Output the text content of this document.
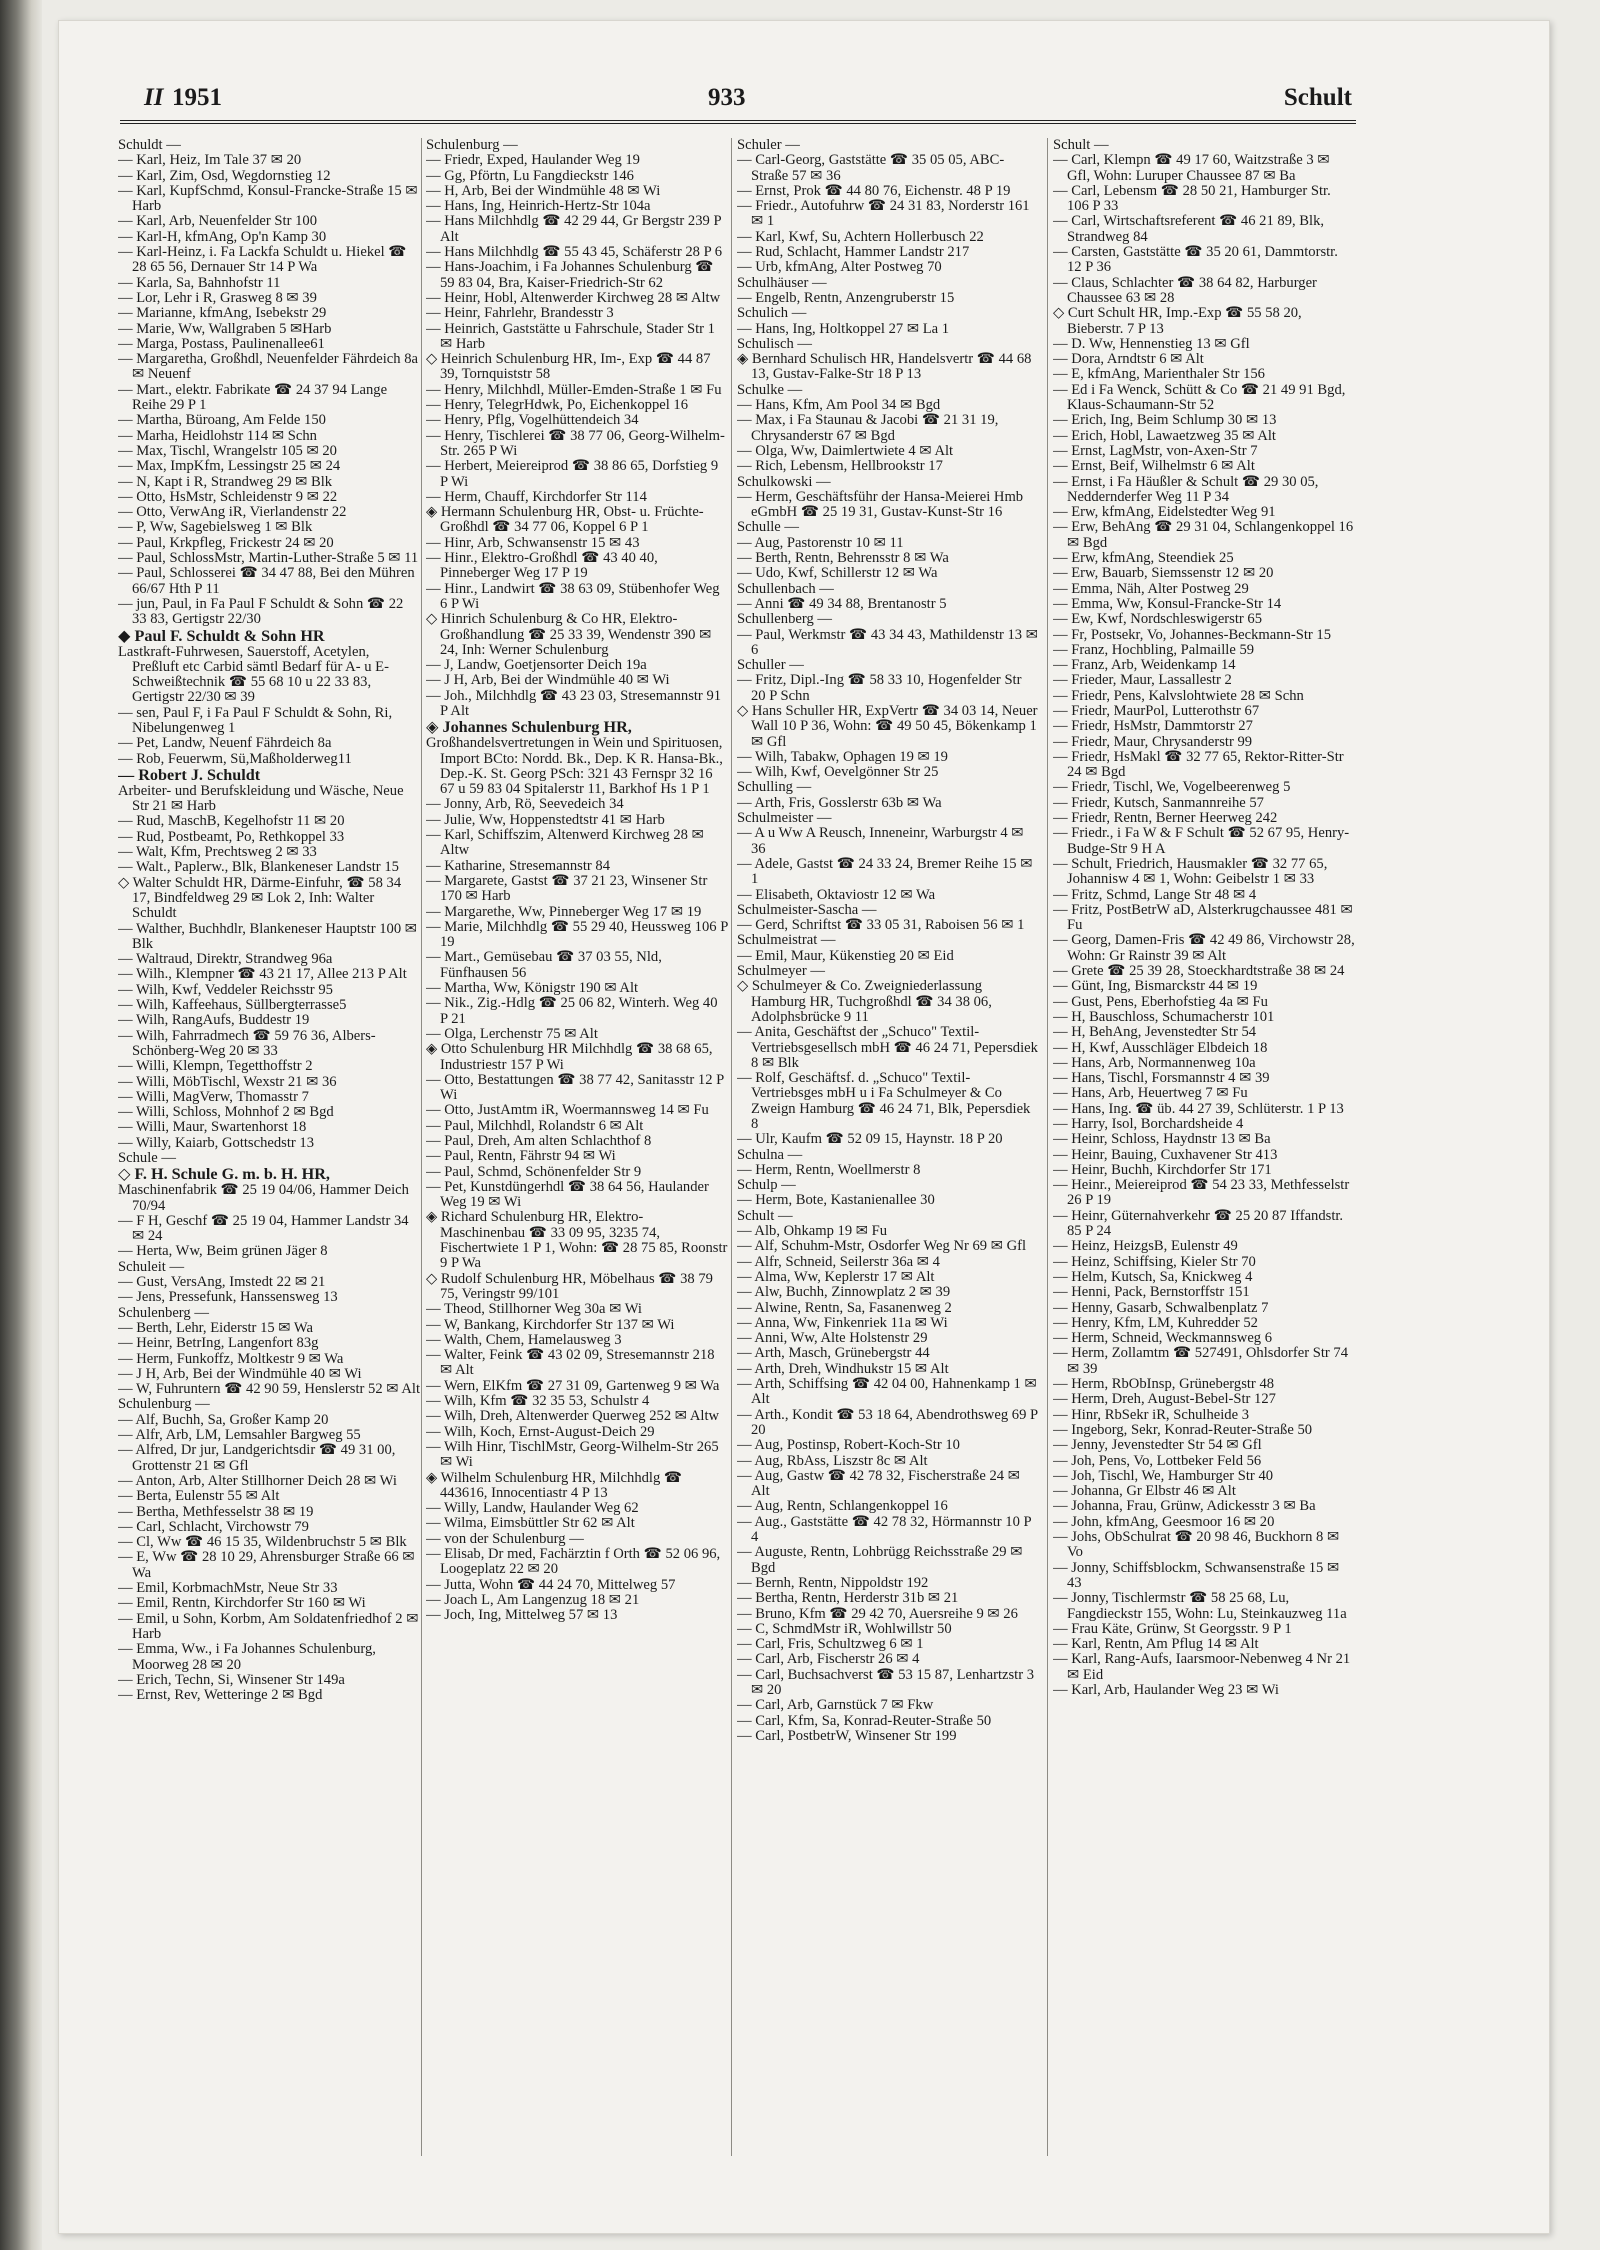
II 1951	933	Schult

Schuldt —

— Karl, Heiz, Im Tale 37 ✉ 20

— Karl, Zim, Osd, Wegdornstieg 12

— Karl, KupfSchmd, Konsul-Francke-Straße 15 ✉ Harb

— Karl, Arb, Neuenfelder Str 100

— Karl-H, kfmAng, Op'n Kamp 30

— Karl-Heinz, i. Fa Lackfa Schuldt u. Hiekel ☎ 28 65 56, Dernauer Str 14 P Wa

— Karla, Sa, Bahnhofstr 11

— Lor, Lehr i R, Grasweg 8 ✉ 39

— Marianne, kfmAng, Isebekstr 29

— Marie, Ww, Wallgraben 5 ✉Harb

— Marga, Postass, Paulinenallee61

— Margaretha, Großhdl, Neuenfelder Fährdeich 8a ✉ Neuenf

— Mart., elektr. Fabrikate ☎ 24 37 94 Lange Reihe 29 P 1

— Martha, Büroang, Am Felde 150

— Marha, Heidlohstr 114 ✉ Schn

— Max, Tischl, Wrangelstr 105 ✉ 20

— Max, ImpKfm, Lessingstr 25 ✉ 24

— N, Kapt i R, Strandweg 29 ✉ Blk

— Otto, HsMstr, Schleidenstr 9 ✉ 22

— Otto, VerwAng iR, Vierlandenstr 22

— P, Ww, Sagebielsweg 1 ✉ Blk

— Paul, Krkpfleg, Frickestr 24 ✉ 20

— Paul, SchlossMstr, Martin-Luther-Straße 5 ✉ 11

— Paul, Schlosserei ☎ 34 47 88, Bei den Mühren 66/67 Hth P 11

— jun, Paul, in Fa Paul F Schuldt & Sohn ☎ 22 33 83, Gertigstr 22/30

◆ Paul F. Schuldt & Sohn HR

Lastkraft-Fuhrwesen, Sauerstoff, Acetylen, Preßluft etc Carbid sämtl Bedarf für A- u E-Schweißtechnik ☎ 55 68 10 u 22 33 83, Gertigstr 22/30 ✉ 39

— sen, Paul F, i Fa Paul F Schuldt & Sohn, Ri, Nibelungenweg 1

— Pet, Landw, Neuenf Fährdeich 8a

— Rob, Feuerwm, Sü,Maßholderweg11

— Robert J. Schuldt

Arbeiter- und Berufskleidung und Wäsche, Neue Str 21 ✉ Harb

— Rud, MaschB, Kegelhofstr 11 ✉ 20

— Rud, Postbeamt, Po, Rethkoppel 33

— Walt, Kfm, Prechtsweg 2 ✉ 33

— Walt., Paplerw., Blk, Blankeneser Landstr 15

◇ Walter Schuldt HR, Därme-Einfuhr, ☎ 58 34 17, Bindfeldweg 29 ✉ Lok 2, Inh: Walter Schuldt

— Walther, Buchhdlr, Blankeneser Hauptstr 100 ✉ Blk

— Waltraud, Direktr, Strandweg 96a

— Wilh., Klempner ☎ 43 21 17, Allee 213 P Alt

— Wilh, Kwf, Veddeler Reichsstr 95

— Wilh, Kaffeehaus, Süllbergterrasse5

— Wilh, RangAufs, Buddestr 19

— Wilh, Fahrradmech ☎ 59 76 36, Albers-Schönberg-Weg 20 ✉ 33

— Willi, Klempn, Tegetthoffstr 2

— Willi, MöbTischl, Wexstr 21 ✉ 36

— Willi, MagVerw, Thomasstr 7

— Willi, Schloss, Mohnhof 2 ✉ Bgd

— Willi, Maur, Swartenhorst 18

— Willy, Kaiarb, Gottschedstr 13

Schule —

◇ F. H. Schule G. m. b. H. HR,

Maschinenfabrik ☎ 25 19 04/06, Hammer Deich 70/94

— F H, Geschf ☎ 25 19 04, Hammer Landstr 34 ✉ 24

— Herta, Ww, Beim grünen Jäger 8

Schuleit —

— Gust, VersAng, Imstedt 22 ✉ 21

— Jens, Pressefunk, Hanssensweg 13

Schulenberg —

— Berth, Lehr, Eiderstr 15 ✉ Wa

— Heinr, BetrIng, Langenfort 83g

— Herm, Funkoffz, Moltkestr 9 ✉ Wa

— J H, Arb, Bei der Windmühle 40 ✉ Wi

— W, Fuhruntern ☎ 42 90 59, Henslerstr 52 ✉ Alt

Schulenburg —

— Alf, Buchh, Sa, Großer Kamp 20

— Alfr, Arb, LM, Lemsahler Bargweg 55

— Alfred, Dr jur, Landgerichtsdir ☎ 49 31 00, Grottenstr 21 ✉ Gfl

— Anton, Arb, Alter Stillhorner Deich 28 ✉ Wi

— Berta, Eulenstr 55 ✉ Alt

— Bertha, Methfesselstr 38 ✉ 19

— Carl, Schlacht, Virchowstr 79

— Cl, Ww ☎ 46 15 35, Wildenbruchstr 5 ✉ Blk

— E, Ww ☎ 28 10 29, Ahrensburger Straße 66 ✉ Wa

— Emil, KorbmachMstr, Neue Str 33

— Emil, Rentn, Kirchdorfer Str 160 ✉ Wi

— Emil, u Sohn, Korbm, Am Soldatenfriedhof 2 ✉ Harb

— Emma, Ww., i Fa Johannes Schulenburg, Moorweg 28 ✉ 20

— Erich, Techn, Si, Winsener Str 149a

— Ernst, Rev, Wetteringe 2 ✉ Bgd

Schulenburg —

— Friedr, Exped, Haulander Weg 19

— Gg, Pförtn, Lu Fangdieckstr 146

— H, Arb, Bei der Windmühle 48 ✉ Wi

— Hans, Ing, Heinrich-Hertz-Str 104a

— Hans Milchhdlg ☎ 42 29 44, Gr Bergstr 239 P Alt

— Hans Milchhdlg ☎ 55 43 45, Schäferstr 28 P 6

— Hans-Joachim, i Fa Johannes Schulenburg ☎ 59 83 04, Bra, Kaiser-Friedrich-Str 62

— Heinr, Hobl, Altenwerder Kirchweg 28 ✉ Altw

— Heinr, Fahrlehr, Brandesstr 3

— Heinrich, Gaststätte u Fahrschule, Stader Str 1 ✉ Harb

◇ Heinrich Schulenburg HR, Im-, Exp ☎ 44 87 39, Tornquiststr 58

— Henry, Milchhdl, Müller-Emden-Straße 1 ✉ Fu

— Henry, TelegrHdwk, Po, Eichenkoppel 16

— Henry, Pflg, Vogelhüttendeich 34

— Henry, Tischlerei ☎ 38 77 06, Georg-Wilhelm-Str. 265 P Wi

— Herbert, Meiereiprod ☎ 38 86 65, Dorfstieg 9 P Wi

— Herm, Chauff, Kirchdorfer Str 114

◈ Hermann Schulenburg HR, Obst- u. Früchte-Großhdl ☎ 34 77 06, Koppel 6 P 1

— Hinr, Arb, Schwansenstr 15 ✉ 43

— Hinr., Elektro-Großhdl ☎ 43 40 40, Pinneberger Weg 17 P 19

— Hinr., Landwirt ☎ 38 63 09, Stübenhofer Weg 6 P Wi

◇ Hinrich Schulenburg & Co HR, Elektro-Großhandlung ☎ 25 33 39, Wendenstr 390 ✉ 24, Inh: Werner Schulenburg

— J, Landw, Goetjensorter Deich 19a

— J H, Arb, Bei der Windmühle 40 ✉ Wi

— Joh., Milchhdlg ☎ 43 23 03, Stresemannstr 91 P Alt

◈ Johannes Schulenburg HR,

Großhandelsvertretungen in Wein und Spirituosen, Import BCto: Nordd. Bk., Dep. K R. Hansa-Bk., Dep.-K. St. Georg PSch: 321 43 Fernspr 32 16 67 u 59 83 04 Spitalerstr 11, Barkhof Hs 1 P 1

— Jonny, Arb, Rö, Seevedeich 34

— Julie, Ww, Hoppenstedtstr 41 ✉ Harb

— Karl, Schiffszim, Altenwerd Kirchweg 28 ✉ Altw

— Katharine, Stresemannstr 84

— Margarete, Gastst ☎ 37 21 23, Winsener Str 170 ✉ Harb

— Margarethe, Ww, Pinneberger Weg 17 ✉ 19

— Marie, Milchhdlg ☎ 55 29 40, Heussweg 106 P 19

— Mart., Gemüsebau ☎ 37 03 55, Nld, Fünfhausen 56

— Martha, Ww, Königstr 190 ✉ Alt

— Nik., Zig.-Hdlg ☎ 25 06 82, Winterh. Weg 40 P 21

— Olga, Lerchenstr 75 ✉ Alt

◈ Otto Schulenburg HR Milchhdlg ☎ 38 68 65, Industriestr 157 P Wi

— Otto, Bestattungen ☎ 38 77 42, Sanitasstr 12 P Wi

— Otto, JustAmtm iR, Woermannsweg 14 ✉ Fu

— Paul, Milchhdl, Rolandstr 6 ✉ Alt

— Paul, Dreh, Am alten Schlachthof 8

— Paul, Rentn, Fährstr 94 ✉ Wi

— Paul, Schmd, Schönenfelder Str 9

— Pet, Kunstdüngerhdl ☎ 38 64 56, Haulander Weg 19 ✉ Wi

◈ Richard Schulenburg HR, Elektro-Maschinenbau ☎ 33 09 95, 3235 74, Fischertwiete 1 P 1, Wohn: ☎ 28 75 85, Roonstr 9 P Wa

◇ Rudolf Schulenburg HR, Möbelhaus ☎ 38 79 75, Veringstr 99/101

— Theod, Stillhorner Weg 30a ✉ Wi

— W, Bankang, Kirchdorfer Str 137 ✉ Wi

— Walth, Chem, Hamelausweg 3

— Walter, Feink ☎ 43 02 09, Stresemannstr 218 ✉ Alt

— Wern, ElKfm ☎ 27 31 09, Gartenweg 9 ✉ Wa

— Wilh, Kfm ☎ 32 35 53, Schulstr 4

— Wilh, Dreh, Altenwerder Querweg 252 ✉ Altw

— Wilh, Koch, Ernst-August-Deich 29

— Wilh Hinr, TischlMstr, Georg-Wilhelm-Str 265 ✉ Wi

◈ Wilhelm Schulenburg HR, Milchhdlg ☎ 443616, Innocentiastr 4 P 13

— Willy, Landw, Haulander Weg 62

— Wilma, Eimsbüttler Str 62 ✉ Alt

— von der Schulenburg —

— Elisab, Dr med, Fachärztin f Orth ☎ 52 06 96, Loogeplatz 22 ✉ 20

— Jutta, Wohn ☎ 44 24 70, Mittelweg 57

— Joach L, Am Langenzug 18 ✉ 21

— Joch, Ing, Mittelweg 57 ✉ 13

Schuler —

— Carl-Georg, Gaststätte ☎ 35 05 05, ABC-Straße 57 ✉ 36

— Ernst, Prok ☎ 44 80 76, Eichenstr. 48 P 19

— Friedr., Autofuhrw ☎ 24 31 83, Norderstr 161 ✉ 1

— Karl, Kwf, Su, Achtern Hollerbusch 22

— Rud, Schlacht, Hammer Landstr 217

— Urb, kfmAng, Alter Postweg 70

Schulhäuser —

— Engelb, Rentn, Anzengruberstr 15

Schulich —

— Hans, Ing, Holtkoppel 27 ✉ La 1

Schulisch —

◈ Bernhard Schulisch HR, Handelsvertr ☎ 44 68 13, Gustav-Falke-Str 18 P 13

Schulke —

— Hans, Kfm, Am Pool 34 ✉ Bgd

— Max, i Fa Staunau & Jacobi ☎ 21 31 19, Chrysanderstr 67 ✉ Bgd

— Olga, Ww, Daimlertwiete 4 ✉ Alt

— Rich, Lebensm, Hellbrookstr 17

Schulkowski —

— Herm, Geschäftsführ der Hansa-Meierei Hmb eGmbH ☎ 25 19 31, Gustav-Kunst-Str 16

Schulle —

— Aug, Pastorenstr 10 ✉ 11

— Berth, Rentn, Behrensstr 8 ✉ Wa

— Udo, Kwf, Schillerstr 12 ✉ Wa

Schullenbach —

— Anni ☎ 49 34 88, Brentanostr 5

Schullenberg —

— Paul, Werkmstr ☎ 43 34 43, Mathildenstr 13 ✉ 6

Schuller —

— Fritz, Dipl.-Ing ☎ 58 33 10, Hogenfelder Str 20 P Schn

◇ Hans Schuller HR, ExpVertr ☎ 34 03 14, Neuer Wall 10 P 36, Wohn: ☎ 49 50 45, Bökenkamp 1 ✉ Gfl

— Wilh, Tabakw, Ophagen 19 ✉ 19

— Wilh, Kwf, Oevelgönner Str 25

Schulling —

— Arth, Fris, Gosslerstr 63b ✉ Wa

Schulmeister —

— A u Ww A Reusch, Inneneinr, Warburgstr 4 ✉ 36

— Adele, Gastst ☎ 24 33 24, Bremer Reihe 15 ✉ 1

— Elisabeth, Oktaviostr 12 ✉ Wa

Schulmeister-Sascha —

— Gerd, Schriftst ☎ 33 05 31, Raboisen 56 ✉ 1

Schulmeistrat —

— Emil, Maur, Kükenstieg 20 ✉ Eid

Schulmeyer —

◇ Schulmeyer & Co. Zweigniederlassung Hamburg HR, Tuchgroßhdl ☎ 34 38 06, Adolphsbrücke 9 11

— Anita, Geschäftst der „Schuco" Textil-Vertriebsgesellsch mbH ☎ 46 24 71, Pepersdiek 8 ✉ Blk

— Rolf, Geschäftsf. d. „Schuco" Textil-Vertriebsges mbH u i Fa Schulmeyer & Co Zweign Hamburg ☎ 46 24 71, Blk, Pepersdiek 8

— Ulr, Kaufm ☎ 52 09 15, Haynstr. 18 P 20

Schulna —

— Herm, Rentn, Woellmerstr 8

Schulp —

— Herm, Bote, Kastanienallee 30

Schult —

— Alb, Ohkamp 19 ✉ Fu

— Alf, Schuhm-Mstr, Osdorfer Weg Nr 69 ✉ Gfl

— Alfr, Schneid, Seilerstr 36a ✉ 4

— Alma, Ww, Keplerstr 17 ✉ Alt

— Alw, Buchh, Zinnowplatz 2 ✉ 39

— Alwine, Rentn, Sa, Fasanenweg 2

— Anna, Ww, Finkenriek 11a ✉ Wi

— Anni, Ww, Alte Holstenstr 29

— Arth, Masch, Grünebergstr 44

— Arth, Dreh, Windhukstr 15 ✉ Alt

— Arth, Schiffsing ☎ 42 04 00, Hahnenkamp 1 ✉ Alt

— Arth., Kondit ☎ 53 18 64, Abendrothsweg 69 P 20

— Aug, Postinsp, Robert-Koch-Str 10

— Aug, RbAss, Liszstr 8c ✉ Alt

— Aug, Gastw ☎ 42 78 32, Fischerstraße 24 ✉ Alt

— Aug, Rentn, Schlangenkoppel 16

— Aug., Gaststätte ☎ 42 78 32, Hörmannstr 10 P 4

— Auguste, Rentn, Lohbrügg Reichsstraße 29 ✉ Bgd

— Bernh, Rentn, Nippoldstr 192

— Bertha, Rentn, Herderstr 31b ✉ 21

— Bruno, Kfm ☎ 29 42 70, Auersreihe 9 ✉ 26

— C, SchmdMstr iR, Wohlwillstr 50

— Carl, Fris, Schultzweg 6 ✉ 1

— Carl, Arb, Fischerstr 26 ✉ 4

— Carl, Buchsachverst ☎ 53 15 87, Lenhartzstr 3 ✉ 20

— Carl, Arb, Garnstück 7 ✉ Fkw

— Carl, Kfm, Sa, Konrad-Reuter-Straße 50

— Carl, PostbetrW, Winsener Str 199

Schult —

— Carl, Klempn ☎ 49 17 60, Waitzstraße 3 ✉ Gfl, Wohn: Luruper Chaussee 87 ✉ Ba

— Carl, Lebensm ☎ 28 50 21, Hamburger Str. 106 P 33

— Carl, Wirtschaftsreferent ☎ 46 21 89, Blk, Strandweg 84

— Carsten, Gaststätte ☎ 35 20 61, Dammtorstr. 12 P 36

— Claus, Schlachter ☎ 38 64 82, Harburger Chaussee 63 ✉ 28

◇ Curt Schult HR, Imp.-Exp ☎ 55 58 20, Bieberstr. 7 P 13

— D. Ww, Hennenstieg 13 ✉ Gfl

— Dora, Arndtstr 6 ✉ Alt

— E, kfmAng, Marienthaler Str 156

— Ed i Fa Wenck, Schütt & Co ☎ 21 49 91 Bgd, Klaus-Schaumann-Str 52

— Erich, Ing, Beim Schlump 30 ✉ 13

— Erich, Hobl, Lawaetzweg 35 ✉ Alt

— Ernst, LagMstr, von-Axen-Str 7

— Ernst, Beif, Wilhelmstr 6 ✉ Alt

— Ernst, i Fa Häußler & Schult ☎ 29 30 05, Neddernderfer Weg 11 P 34

— Erw, kfmAng, Eidelstedter Weg 91

— Erw, BehAng ☎ 29 31 04, Schlangenkoppel 16 ✉ Bgd

— Erw, kfmAng, Steendiek 25

— Erw, Bauarb, Siemssenstr 12 ✉ 20

— Emma, Näh, Alter Postweg 29

— Emma, Ww, Konsul-Francke-Str 14

— Ew, Kwf, Nordschleswigerstr 65

— Fr, Postsekr, Vo, Johannes-Beckmann-Str 15

— Franz, Hochbling, Palmaille 59

— Franz, Arb, Weidenkamp 14

— Frieder, Maur, Lassallestr 2

— Friedr, Pens, Kalvslohtwiete 28 ✉ Schn

— Friedr, MaurPol, Lutterothstr 67

— Friedr, HsMstr, Dammtorstr 27

— Friedr, Maur, Chrysanderstr 99

— Friedr, HsMakl ☎ 32 77 65, Rektor-Ritter-Str 24 ✉ Bgd

— Friedr, Tischl, We, Vogelbeerenweg 5

— Friedr, Kutsch, Sanmannreihe 57

— Friedr, Rentn, Berner Heerweg 242

— Friedr., i Fa W & F Schult ☎ 52 67 95, Henry-Budge-Str 9 H A

— Schult, Friedrich, Hausmakler ☎ 32 77 65, Johannisw 4 ✉ 1, Wohn: Geibelstr 1 ✉ 33

— Fritz, Schmd, Lange Str 48 ✉ 4

— Fritz, PostBetrW aD, Alsterkrugchaussee 481 ✉ Fu

— Georg, Damen-Fris ☎ 42 49 86, Virchowstr 28, Wohn: Gr Rainstr 39 ✉ Alt

— Grete ☎ 25 39 28, Stoeckhardtstraße 38 ✉ 24

— Günt, Ing, Bismarckstr 44 ✉ 19

— Gust, Pens, Eberhofstieg 4a ✉ Fu

— H, Bauschloss, Schumacherstr 101

— H, BehAng, Jevenstedter Str 54

— H, Kwf, Ausschläger Elbdeich 18

— Hans, Arb, Normannenweg 10a

— Hans, Tischl, Forsmannstr 4 ✉ 39

— Hans, Arb, Heuertweg 7 ✉ Fu

— Hans, Ing. ☎ üb. 44 27 39, Schlüterstr. 1 P 13

— Harry, Isol, Borchardsheide 4

— Heinr, Schloss, Haydnstr 13 ✉ Ba

— Heinr, Bauing, Cuxhavener Str 413

— Heinr, Buchh, Kirchdorfer Str 171

— Heinr., Meiereiprod ☎ 54 23 33, Methfesselstr 26 P 19

— Heinr, Güternahverkehr ☎ 25 20 87 Iffandstr. 85 P 24

— Heinz, HeizgsB, Eulenstr 49

— Heinz, Schiffsing, Kieler Str 70

— Helm, Kutsch, Sa, Knickweg 4

— Henni, Pack, Bernstorffstr 151

— Henny, Gasarb, Schwalbenplatz 7

— Henry, Kfm, LM, Kuhredder 52

— Herm, Schneid, Weckmannsweg 6

— Herm, Zollamtm ☎ 527491, Ohlsdorfer Str 74 ✉ 39

— Herm, RbObInsp, Grünebergstr 48

— Herm, Dreh, August-Bebel-Str 127

— Hinr, RbSekr iR, Schulheide 3

— Ingeborg, Sekr, Konrad-Reuter-Straße 50

— Jenny, Jevenstedter Str 54 ✉ Gfl

— Joh, Pens, Vo, Lottbeker Feld 56

— Joh, Tischl, We, Hamburger Str 40

— Johanna, Gr Elbstr 46 ✉ Alt

— Johanna, Frau, Grünw, Adickesstr 3 ✉ Ba

— John, kfmAng, Geesmoor 16 ✉ 20

— Johs, ObSchulrat ☎ 20 98 46, Buckhorn 8 ✉ Vo

— Jonny, Schiffsblockm, Schwansenstraße 15 ✉ 43

— Jonny, Tischlermstr ☎ 58 25 68, Lu, Fangdieckstr 155, Wohn: Lu, Steinkauzweg 11a

— Frau Käte, Grünw, St Georgsstr. 9 P 1

— Karl, Rentn, Am Pflug 14 ✉ Alt

— Karl, Rang-Aufs, Iaarsmoor-Nebenweg 4 Nr 21 ✉ Eid

— Karl, Arb, Haulander Weg 23 ✉ Wi
